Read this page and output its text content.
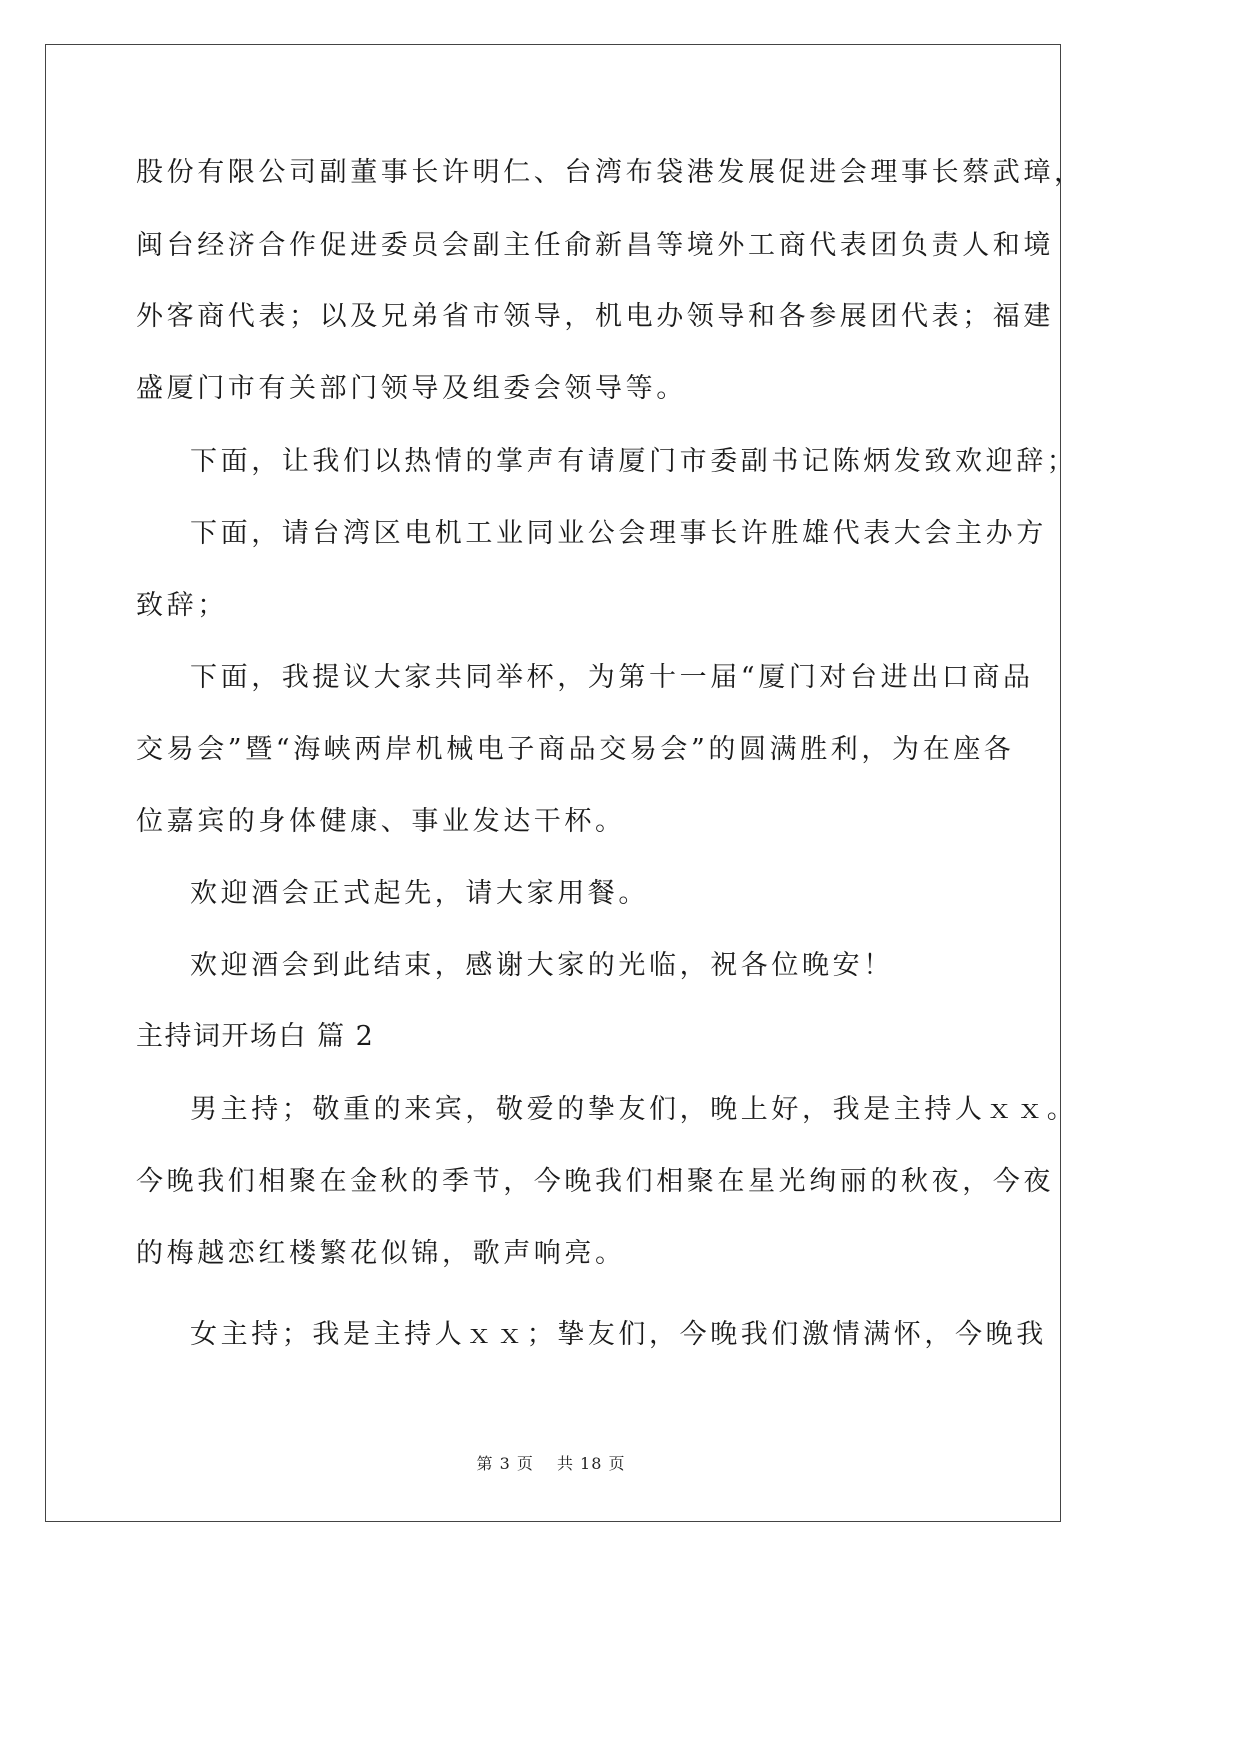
股份有限公司副董事长许明仁、台湾布袋港发展促进会理事长蔡武璋，
闽台经济合作促进委员会副主任俞新昌等境外工商代表团负责人和境
外客商代表；以及兄弟省市领导，机电办领导和各参展团代表；福建
盛厦门市有关部门领导及组委会领导等。
下面，让我们以热情的掌声有请厦门市委副书记陈炳发致欢迎辞；
下面，请台湾区电机工业同业公会理事长许胜雄代表大会主办方
致辞；
下面，我提议大家共同举杯，为第十一届“厦门对台进出口商品
交易会”暨“海峡两岸机械电子商品交易会”的圆满胜利，为在座各
位嘉宾的身体健康、事业发达干杯。
欢迎酒会正式起先，请大家用餐。
欢迎酒会到此结束，感谢大家的光临，祝各位晚安！
主持词开场白 篇 2
男主持；敬重的来宾，敬爱的挚友们，晚上好，我是主持人ｘｘ。
今晚我们相聚在金秋的季节，今晚我们相聚在星光绚丽的秋夜，今夜
的梅越恋红楼繁花似锦，歌声响亮。
女主持；我是主持人ｘｘ；挚友们，今晚我们激情满怀，今晚我
第 3 页　 共 18 页
